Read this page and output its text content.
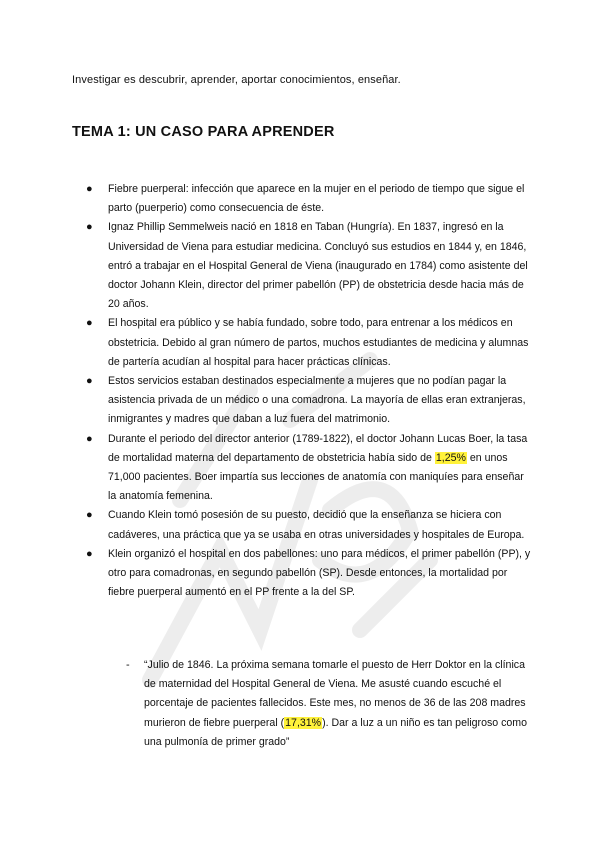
Investigar es descubrir, aprender, aportar conocimientos, enseñar.
TEMA 1: UN CASO PARA APRENDER
● Fiebre puerperal: infección que aparece en la mujer en el periodo de tiempo que sigue el parto (puerperio) como consecuencia de éste.
● Ignaz Phillip Semmelweis nació en 1818 en Taban (Hungría). En 1837, ingresó en la Universidad de Viena para estudiar medicina. Concluyó sus estudios en 1844 y, en 1846, entró a trabajar en el Hospital General de Viena (inaugurado en 1784) como asistente del doctor Johann Klein, director del primer pabellón (PP) de obstetricia desde hacia más de 20 años.
● El hospital era público y se había fundado, sobre todo, para entrenar a los médicos en obstetricia. Debido al gran número de partos, muchos estudiantes de medicina y alumnas de partería acudían al hospital para hacer prácticas clínicas.
● Estos servicios estaban destinados especialmente a mujeres que no podían pagar la asistencia privada de un médico o una comadrona. La mayoría de ellas eran extranjeras, inmigrantes y madres que daban a luz fuera del matrimonio.
● Durante el periodo del director anterior (1789-1822), el doctor Johann Lucas Boer, la tasa de mortalidad materna del departamento de obstetricia había sido de 1,25% en unos 71,000 pacientes. Boer impartía sus lecciones de anatomía con maniquíes para enseñar la anatomía femenina.
● Cuando Klein tomó posesión de su puesto, decidió que la enseñanza se hiciera con cadáveres, una práctica que ya se usaba en otras universidades y hospitales de Europa.
● Klein organizó el hospital en dos pabellones: uno para médicos, el primer pabellón (PP), y otro para comadronas, en segundo pabellón (SP). Desde entonces, la mortalidad por fiebre puerperal aumentó en el PP frente a la del SP.
- “Julio de 1846. La próxima semana tomarle el puesto de Herr Doktor en la clínica de maternidad del Hospital General de Viena. Me asusté cuando escuché el porcentaje de pacientes fallecidos. Este mes, no menos de 36 de las 208 madres murieron de fiebre puerperal (17,31%). Dar a luz a un niño es tan peligroso como una pulmonía de primer grado”
